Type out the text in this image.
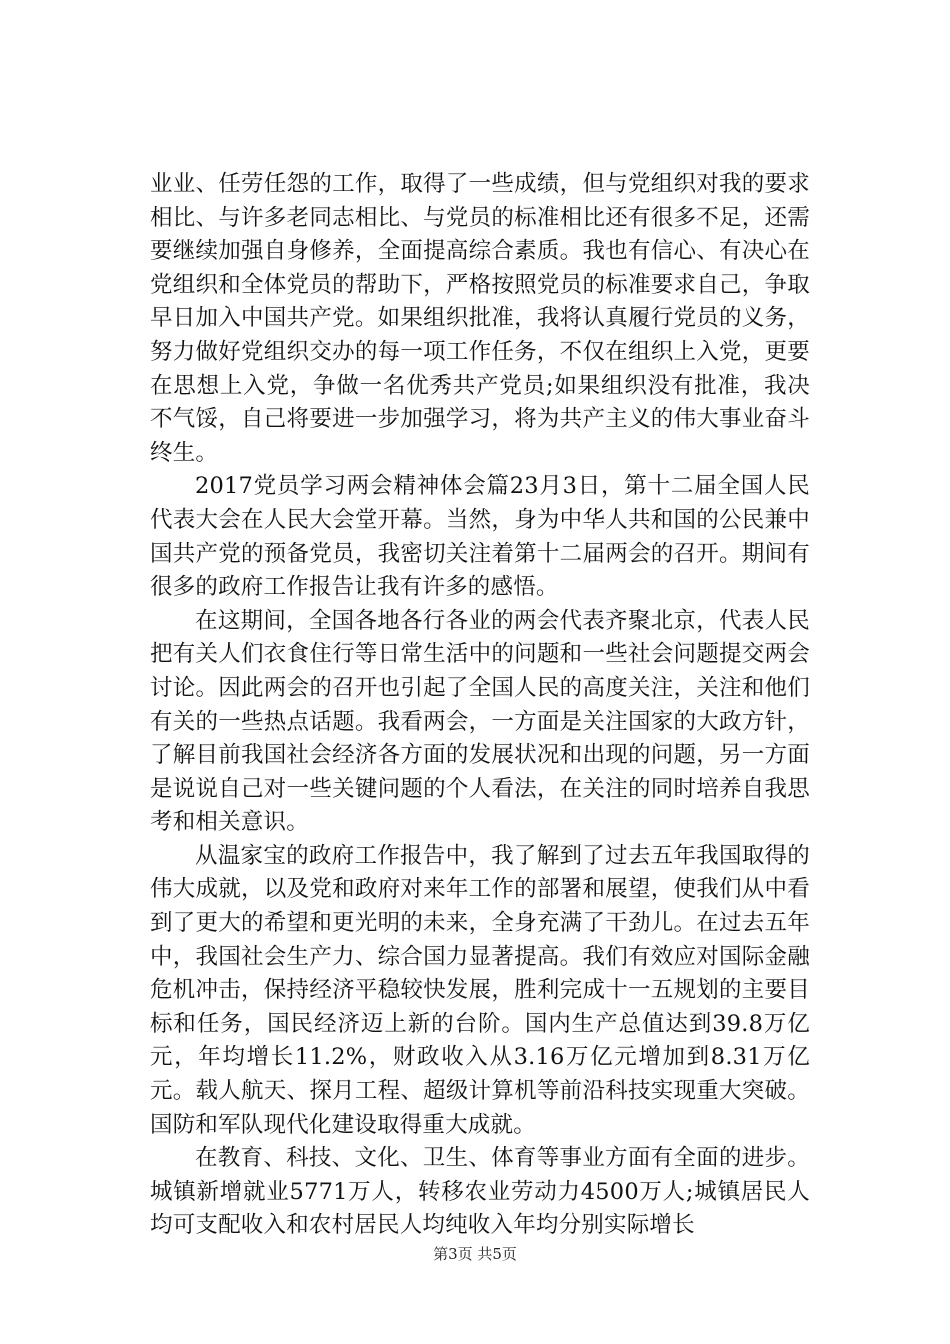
业业、任劳任怨的工作，取得了一些成绩，但与党组织对我的要求相比、与许多老同志相比、与党员的标准相比还有很多不足，还需要继续加强自身修养，全面提高综合素质。我也有信心、有决心在党组织和全体党员的帮助下，严格按照党员的标准要求自己，争取早日加入中国共产党。如果组织批准，我将认真履行党员的义务，努力做好党组织交办的每一项工作任务，不仅在组织上入党，更要在思想上入党，争做一名优秀共产党员;如果组织没有批准，我决不气馁，自己将要进一步加强学习，将为共产主义的伟大事业奋斗终生。

2017党员学习两会精神体会篇23月3日，第十二届全国人民代表大会在人民大会堂开幕。当然，身为中华人共和国的公民兼中国共产党的预备党员，我密切关注着第十二届两会的召开。期间有很多的政府工作报告让我有许多的感悟。

在这期间，全国各地各行各业的两会代表齐聚北京，代表人民把有关人们衣食住行等日常生活中的问题和一些社会问题提交两会讨论。因此两会的召开也引起了全国人民的高度关注，关注和他们有关的一些热点话题。我看两会，一方面是关注国家的大政方针，了解目前我国社会经济各方面的发展状况和出现的问题，另一方面是说说自己对一些关键问题的个人看法，在关注的同时培养自我思考和相关意识。

从温家宝的政府工作报告中，我了解到了过去五年我国取得的伟大成就，以及党和政府对来年工作的部署和展望，使我们从中看到了更大的希望和更光明的未来，全身充满了干劲儿。在过去五年中，我国社会生产力、综合国力显著提高。我们有效应对国际金融危机冲击，保持经济平稳较快发展，胜利完成十一五规划的主要目标和任务，国民经济迈上新的台阶。国内生产总值达到39.8万亿元，年均增长11.2%，财政收入从3.16万亿元增加到8.31万亿元。载人航天、探月工程、超级计算机等前沿科技实现重大突破。国防和军队现代化建设取得重大成就。

在教育、科技、文化、卫生、体育等事业方面有全面的进步。城镇新增就业5771万人，转移农业劳动力4500万人;城镇居民人均可支配收入和农村居民人均纯收入年均分别实际增长

第3页 共5页
